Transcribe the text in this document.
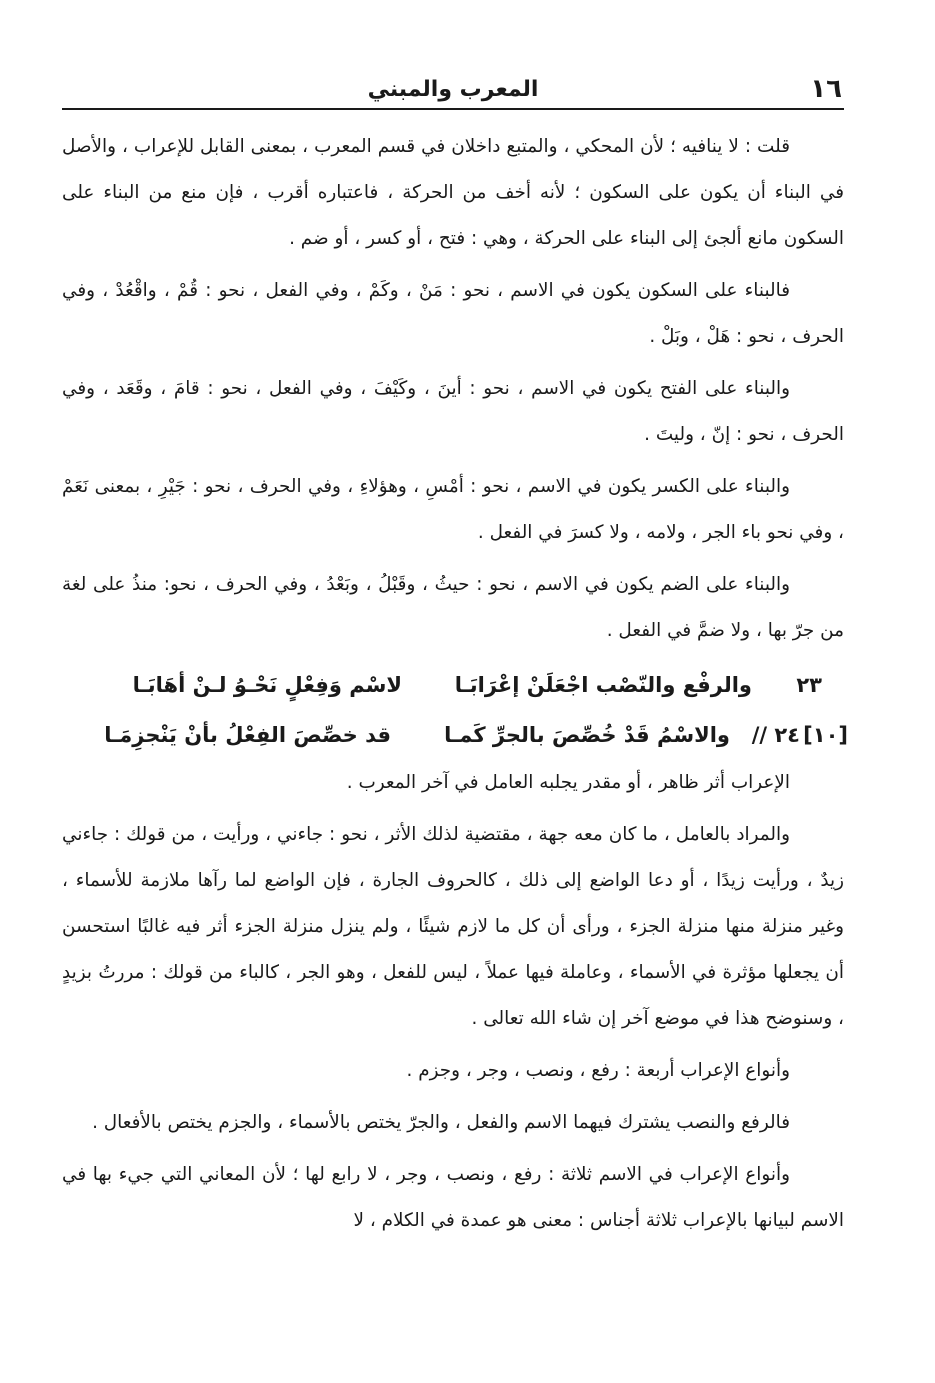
١٦
المعرب والمبني

قلت : لا ينافيه ؛ لأن المحكي ، والمتبع داخلان في قسم المعرب ، بمعنى القابل للإعراب ، والأصل في البناء أن يكون على السكون ؛ لأنه أخف من الحركة ، فاعتباره أقرب ، فإن منع من البناء على السكون مانع ألجئ إلى البناء على الحركة ، وهي : فتح ، أو كسر ، أو ضم .

فالبناء على السكون يكون في الاسم ، نحو : مَنْ ، وكَمْ ، وفي الفعل ، نحو : قُمْ ، واقْعُدْ ، وفي الحرف ، نحو : هَلْ ، وبَلْ .

والبناء على الفتح يكون في الاسم ، نحو : أينَ ، وكَيْفَ ، وفي الفعل ، نحو : قامَ ، وقَعَد ، وفي الحرف ، نحو : إنّ ، وليتَ .

والبناء على الكسر يكون في الاسم ، نحو : أمْسِ ، وهؤلاءِ ، وفي الحرف ، نحو : جَيْرِ ، بمعنى نَعَمْ ، وفي نحو باء الجر ، ولامه ، ولا كسرَ في الفعل .

والبناء على الضم يكون في الاسم ، نحو : حيثُ ، وقَبْلُ ، وبَعْدُ ، وفي الحرف ، نحو: منذُ على لغة من جرّ بها ، ولا ضمَّ في الفعل .

٢٣
والرفْع والنّصْب اجْعَلَنْ إعْرَابَـا
لاسْم وَفِعْلٍ نَحْـوُ لـنْ أهَابَـا
[١٠]
٢٤ //
والاسْمُ قَدْ خُصِّصَ بالجرِّ كَمـا
قد خصِّصَ الفِعْلُ بأنْ يَنْجزِمَـا

الإعراب أثر ظاهر ، أو مقدر يجلبه العامل في آخر المعرب .

والمراد بالعامل ، ما كان معه جهة ، مقتضية لذلك الأثر ، نحو : جاءني ، ورأيت ، من قولك : جاءني زيدٌ ، ورأيت زيدًا ، أو دعا الواضع إلى ذلك ، كالحروف الجارة ، فإن الواضع لما رآها ملازمة للأسماء ، وغير منزلة منها منزلة الجزء ، ورأى أن كل ما لازم شيئًا ، ولم ينزل منزلة الجزء أثر فيه غالبًا استحسن أن يجعلها مؤثرة في الأسماء ، وعاملة فيها عملاً ، ليس للفعل ، وهو الجر ، كالباء من قولك : مررتُ بزيدٍ ، وسنوضح هذا في موضع آخر إن شاء الله تعالى .

وأنواع الإعراب أربعة : رفع ، ونصب ، وجر ، وجزم .

فالرفع والنصب يشترك فيهما الاسم والفعل ، والجرّ يختص بالأسماء ، والجزم يختص بالأفعال .

وأنواع الإعراب في الاسم ثلاثة : رفع ، ونصب ، وجر ، لا رابع لها ؛ لأن المعاني التي جيء بها في الاسم لبيانها بالإعراب ثلاثة أجناس : معنى هو عمدة في الكلام ، لا
